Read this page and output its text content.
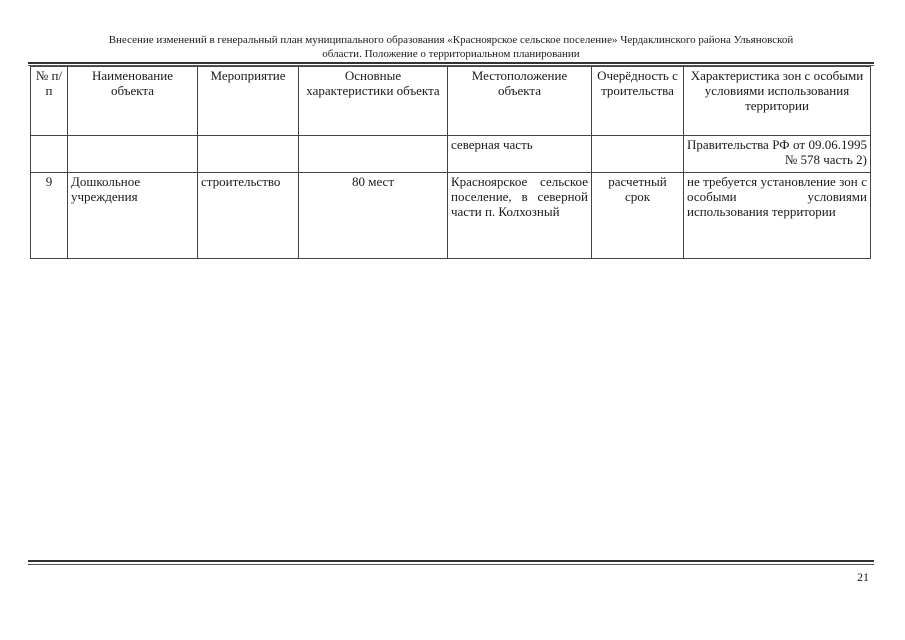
Внесение изменений в генеральный план муниципального образования «Красноярское сельское поселение» Чердаклинского района Ульяновской
области. Положение о территориальном планировании
№ п/п	Наименование объекта	Мероприятие	Основные характеристики объекта	Местоположение объекта	Очерёдность строительства	Характеристика зон с особыми условиями использования территории
				северная часть		Правительства РФ от 09.06.1995 № 578 часть 2)
9	Дошкольное учреждения	строительство	80 мест	Красноярское сельское поселение, в северной части п. Колхозный	расчетный срок	не требуется установление зон с особыми условиями использования территории
21
